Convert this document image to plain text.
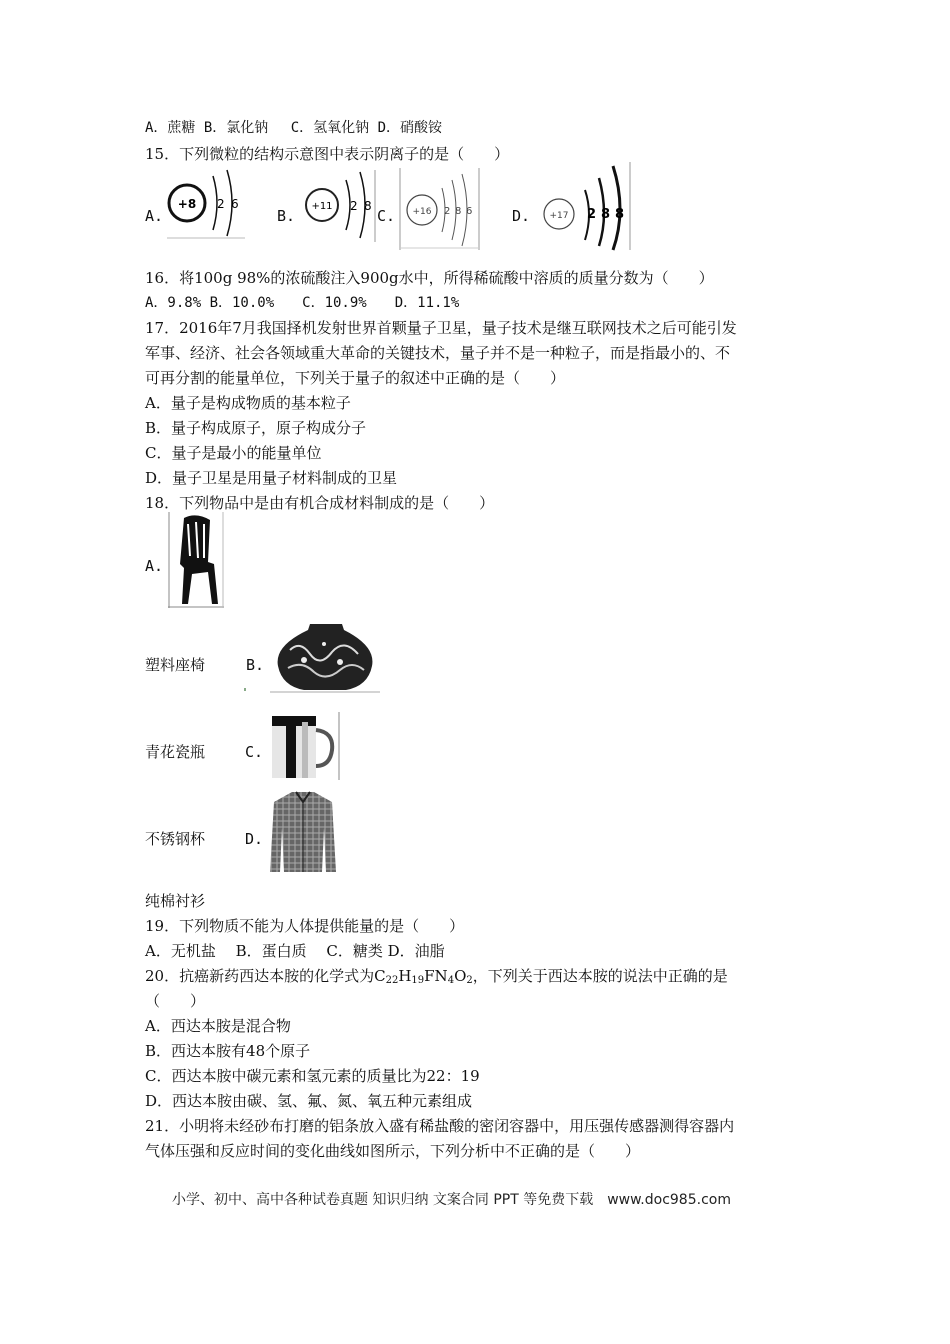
A．蔗糖 B．氯化钠　 C．氢氧化钠 D．硝酸铵
15．下列微粒的结构示意图中表示阴离子的是（　　）
A.
+8 2 6
B.
+11 2 8
C. +16 2 8 6	D. +17 2 8 8
16．将100g 98%的浓硫酸注入900g水中，所得稀硫酸中溶质的质量分数为（　　）
A．9.8% B．10.0%　　C．10.9%　　D．11.1%
17．2016年7月我国择机发射世界首颗量子卫星，量子技术是继互联网技术之后可能引发
军事、经济、社会各领域重大革命的关键技术，量子并不是一种粒子，而是指最小的、不
可再分割的能量单位，下列关于量子的叙述中正确的是（　　）
A．量子是构成物质的基本粒子
B．量子构成原子，原子构成分子
C．量子是最小的能量单位
D．量子卫星是用量子材料制成的卫星
18．下列物品中是由有机合成材料制成的是（　　）
A.
塑料座椅	B.
青花瓷瓶	C.
不锈钢杯	D.
纯棉衬衫
19．下列物质不能为人体提供能量的是（　　）
A．无机盐　 B．蛋白质　 C．糖类 D．油脂
20．抗癌新药西达本胺的化学式为$C_{22}H_{19}FN_4O_2$，下列关于西达本胺的说法中正确的是
（　　）
A．西达本胺是混合物
B．西达本胺有48个原子
C．西达本胺中碳元素和氢元素的质量比为22：19
D．西达本胺由碳、氢、氟、氮、氧五种元素组成
21．小明将未经砂布打磨的铝条放入盛有稀盐酸的密闭容器中，用压强传感器测得容器内
气体压强和反应时间的变化曲线如图所示，下列分析中不正确的是（　　）
小学、初中、高中各种试卷真题 知识归纳 文案合同 PPT 等免费下载　www.doc985.com
